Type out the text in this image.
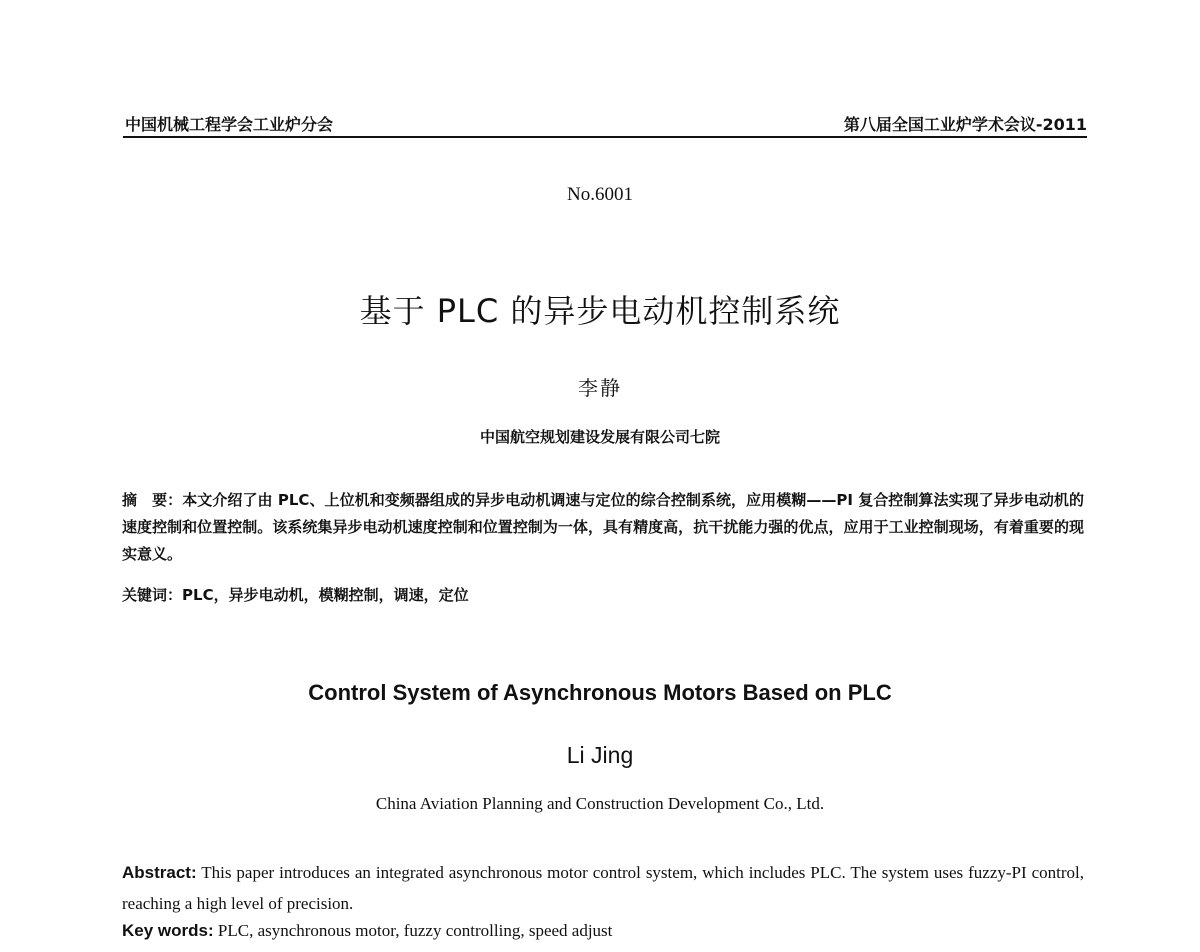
中国机械工程学会工业炉分会	第八届全国工业炉学术会议-2011
No.6001
基于 PLC 的异步电动机控制系统
李静
中国航空规划建设发展有限公司七院
摘　要：本文介绍了由 PLC、上位机和变频器组成的异步电动机调速与定位的综合控制系统，应用模糊——PI 复合控制算法实现了异步电动机的速度控制和位置控制。该系统集异步电动机速度控制和位置控制为一体，具有精度高，抗干扰能力强的优点，应用于工业控制现场，有着重要的现实意义。
关键词：PLC，异步电动机，模糊控制，调速，定位
Control System of Asynchronous Motors Based on PLC
Li Jing
China Aviation Planning and Construction Development Co., Ltd.
Abstract: This paper introduces an integrated asynchronous motor control system, which includes PLC. The system uses fuzzy-PI control, reaching a high level of precision.
Key words: PLC, asynchronous motor, fuzzy controlling, speed adjust
